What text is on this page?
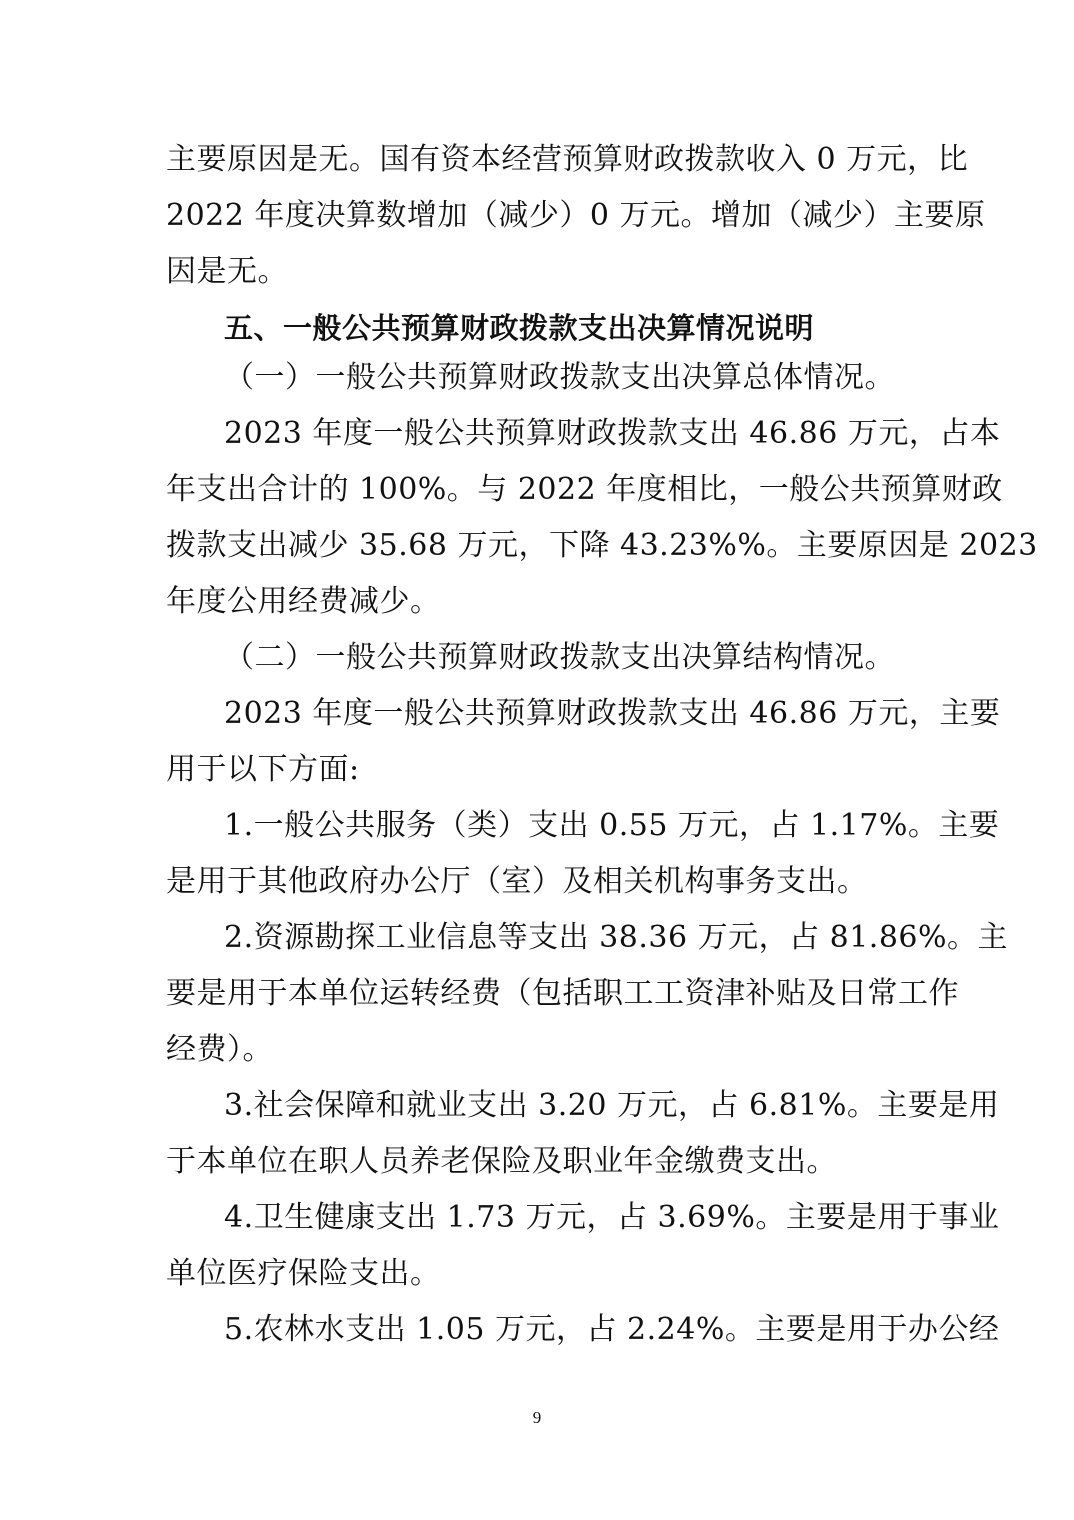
主要原因是无。国有资本经营预算财政拨款收入 0 万元，比
2022 年度决算数增加（减少）0 万元。增加（减少）主要原
因是无。
五、一般公共预算财政拨款支出决算情况说明
（一）一般公共预算财政拨款支出决算总体情况。
2023 年度一般公共预算财政拨款支出 46.86 万元，占本
年支出合计的 100%。与 2022 年度相比，一般公共预算财政
拨款支出减少 35.68 万元，下降 43.23%%。主要原因是 2023
年度公用经费减少。
（二）一般公共预算财政拨款支出决算结构情况。
2023 年度一般公共预算财政拨款支出 46.86 万元，主要
用于以下方面:
1.一般公共服务（类）支出 0.55 万元，占 1.17%。主要
是用于其他政府办公厅（室）及相关机构事务支出。
2.资源勘探工业信息等支出 38.36 万元，占 81.86%。主
要是用于本单位运转经费（包括职工工资津补贴及日常工作
经费）。
3.社会保障和就业支出 3.20 万元，占 6.81%。主要是用
于本单位在职人员养老保险及职业年金缴费支出。
4.卫生健康支出 1.73 万元，占 3.69%。主要是用于事业
单位医疗保险支出。
5.农林水支出 1.05 万元，占 2.24%。主要是用于办公经
9
